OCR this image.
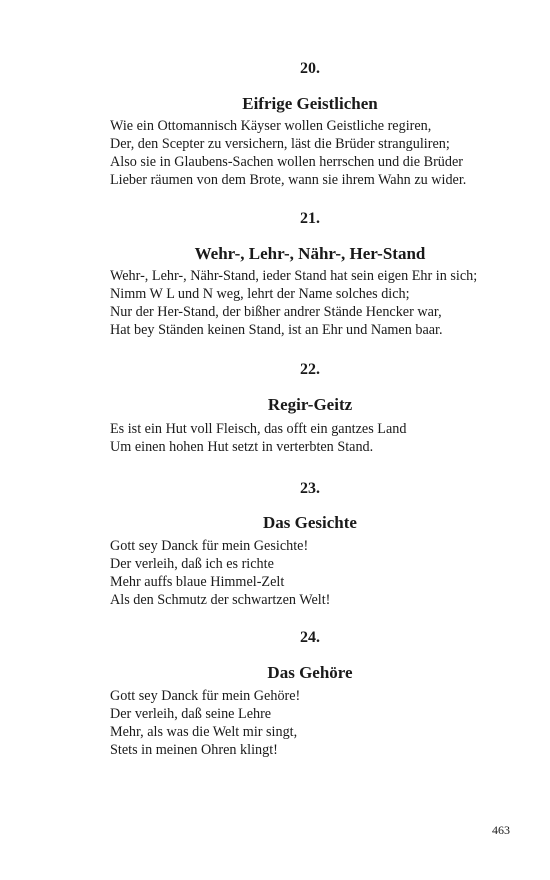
20.

Eifrige Geistlichen

Wie ein Ottomannisch Käyser wollen Geistliche regiren,

Der, den Scepter zu versichern, läst die Brüder stranguliren;

Also sie in Glaubens-Sachen wollen herrschen und die Brüder

Lieber räumen von dem Brote, wann sie ihrem Wahn zu wider.

21.

Wehr-, Lehr-, Nähr-, Her-Stand

Wehr-, Lehr-, Nähr-Stand, ieder Stand hat sein eigen Ehr in sich;

Nimm W L und N weg, lehrt der Name solches dich;

Nur der Her-Stand, der bißher andrer Stände Hencker war,

Hat bey Ständen keinen Stand, ist an Ehr und Namen baar.

22.

Regir-Geitz

Es ist ein Hut voll Fleisch, das offt ein gantzes Land

Um einen hohen Hut setzt in verterbten Stand.

23.

Das Gesichte

Gott sey Danck für mein Gesichte!

Der verleih, daß ich es richte

Mehr auffs blaue Himmel-Zelt

Als den Schmutz der schwartzen Welt!

24.

Das Gehöre

Gott sey Danck für mein Gehöre!

Der verleih, daß seine Lehre

Mehr, als was die Welt mir singt,

Stets in meinen Ohren klingt!

463
